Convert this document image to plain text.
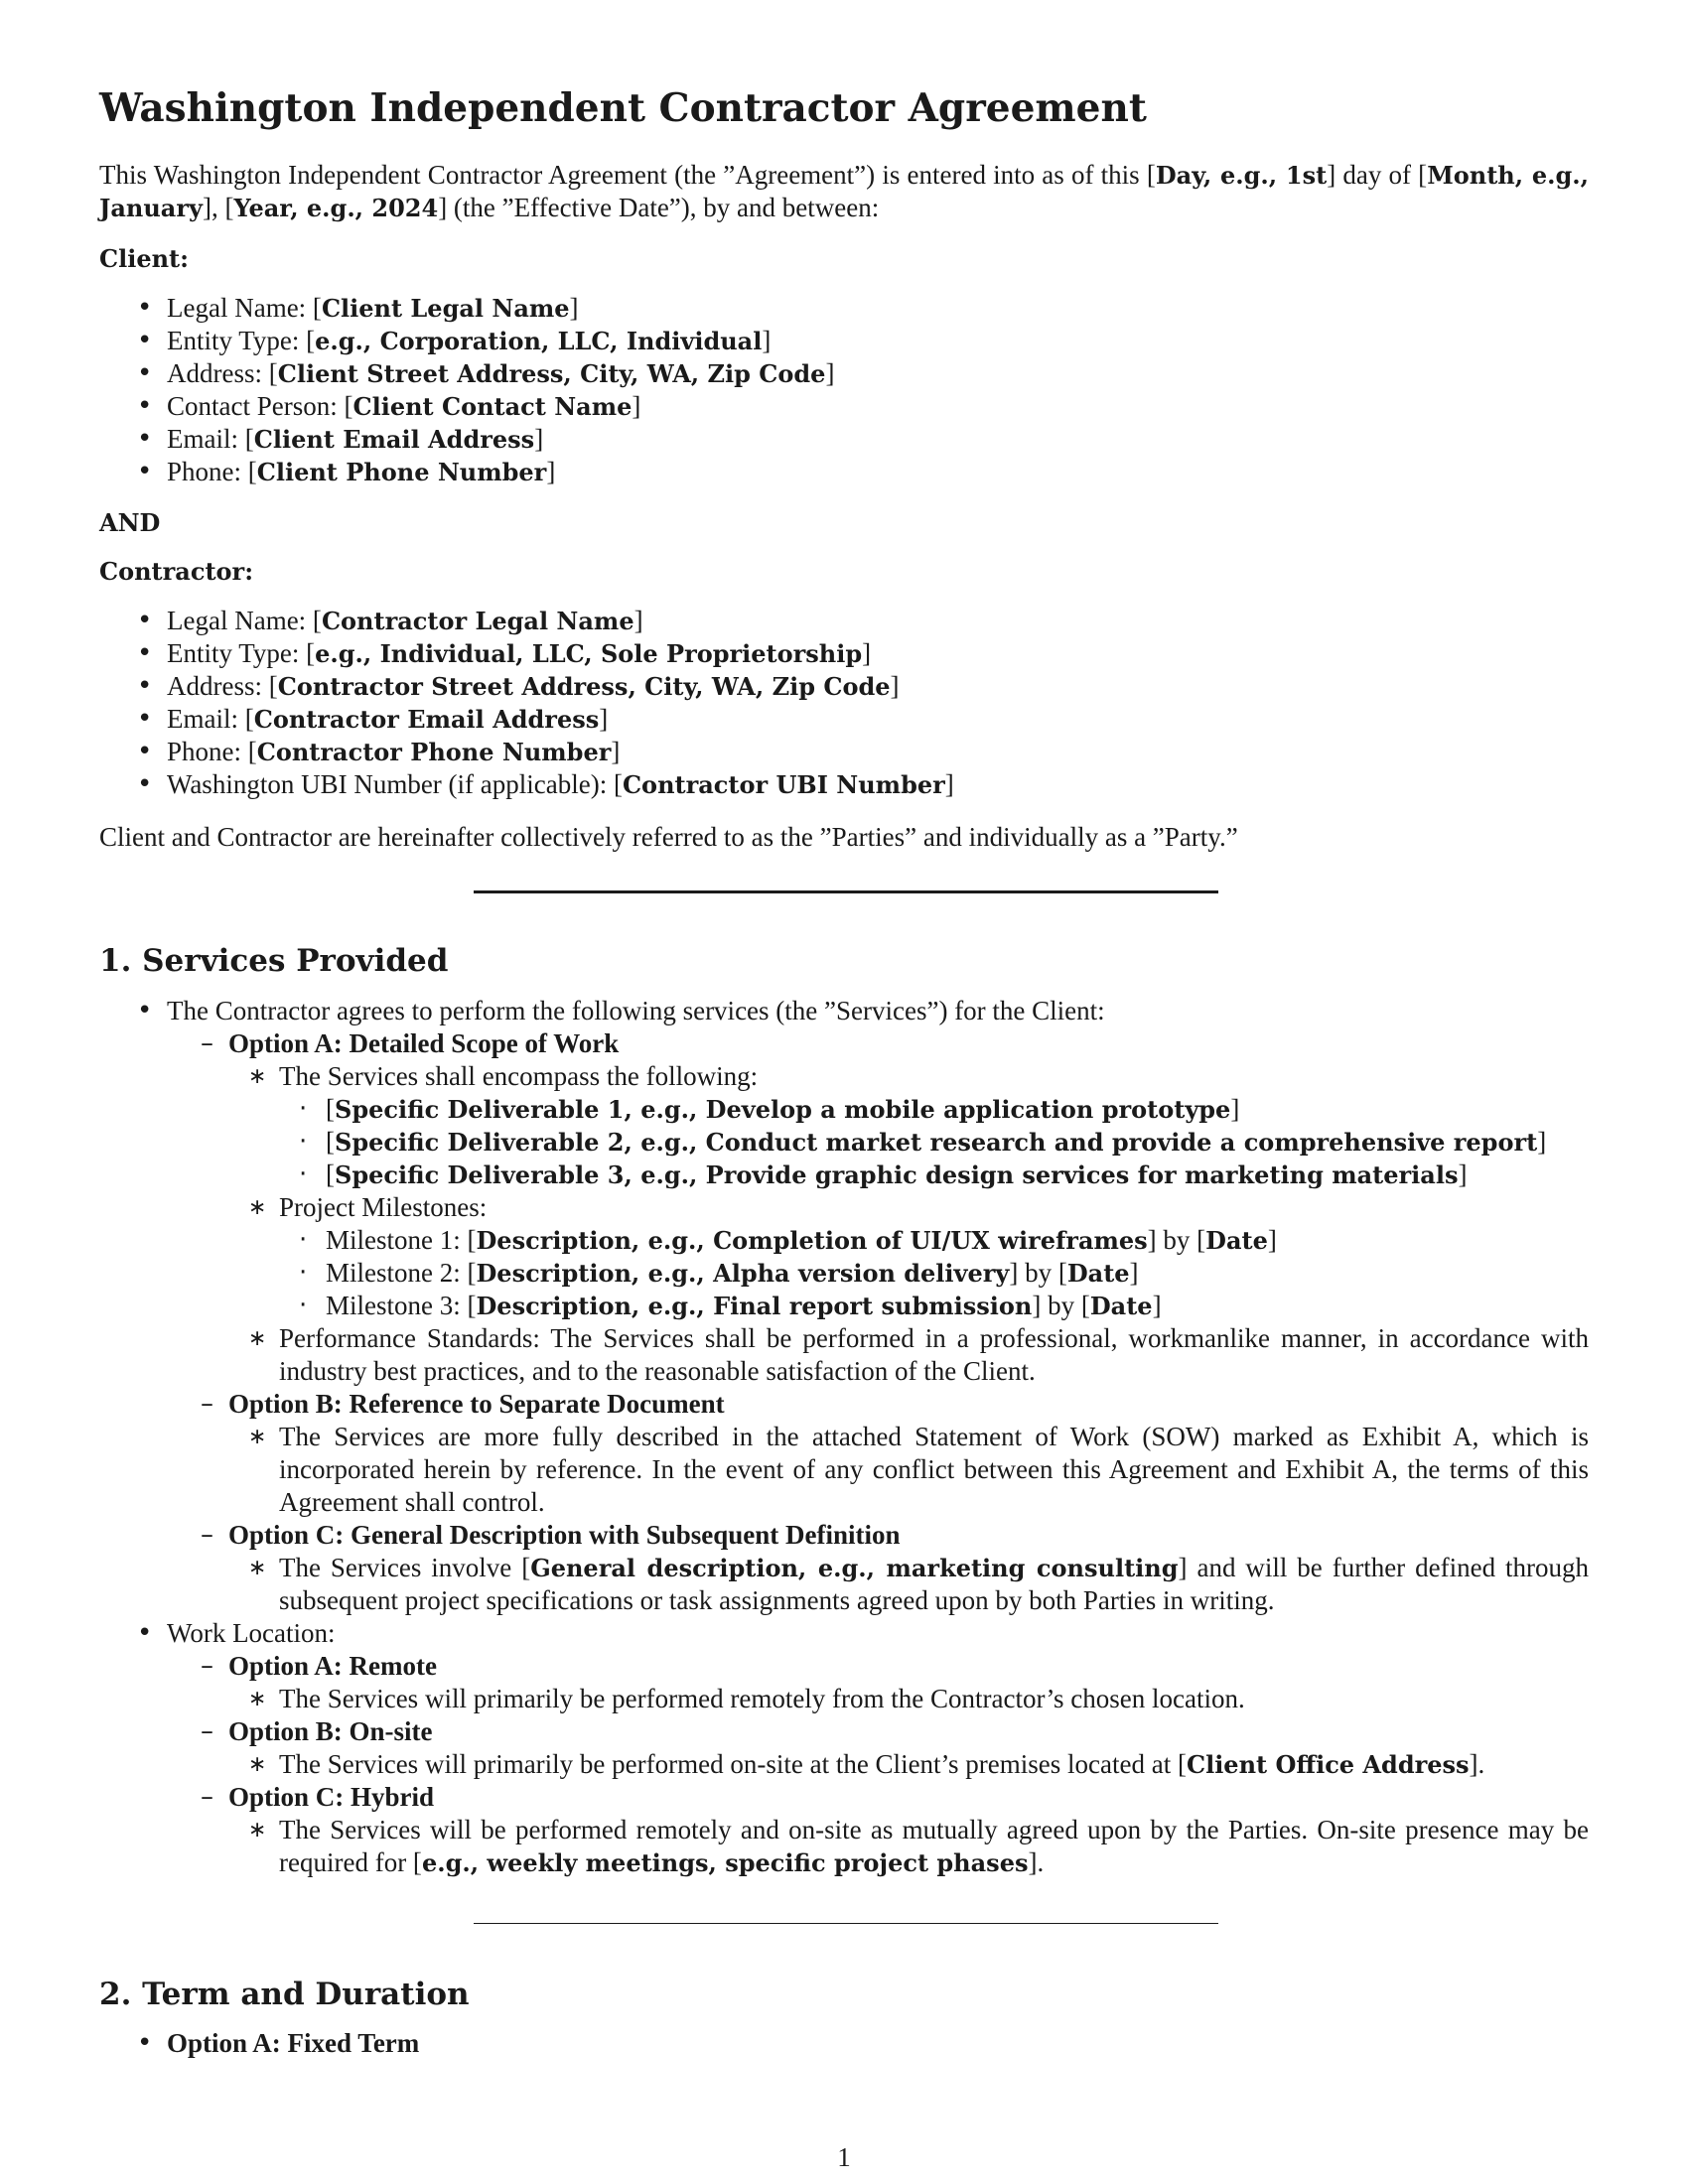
Washington Independent Contractor Agreement

This Washington Independent Contractor Agreement (the ”Agreement”) is entered into as of this [Day, e.g., 1st] day of [Month, e.g., January], [Year, e.g., 2024] (the ”Effective Date”), by and between:

Client:

• Legal Name: [Client Legal Name]
• Entity Type: [e.g., Corporation, LLC, Individual]
• Address: [Client Street Address, City, WA, Zip Code]
• Contact Person: [Client Contact Name]
• Email: [Client Email Address]
• Phone: [Client Phone Number]

AND

Contractor:

• Legal Name: [Contractor Legal Name]
• Entity Type: [e.g., Individual, LLC, Sole Proprietorship]
• Address: [Contractor Street Address, City, WA, Zip Code]
• Email: [Contractor Email Address]
• Phone: [Contractor Phone Number]
• Washington UBI Number (if applicable): [Contractor UBI Number]

Client and Contractor are hereinafter collectively referred to as the ”Parties” and individually as a ”Party.”

1. Services Provided
• The Contractor agrees to perform the following services (the ”Services”) for the Client:
– Option A: Detailed Scope of Work
∗ The Services shall encompass the following:
· [Specific Deliverable 1, e.g., Develop a mobile application prototype]
· [Specific Deliverable 2, e.g., Conduct market research and provide a comprehensive report]
· [Specific Deliverable 3, e.g., Provide graphic design services for marketing materials]
∗ Project Milestones:
· Milestone 1: [Description, e.g., Completion of UI/UX wireframes] by [Date]
· Milestone 2: [Description, e.g., Alpha version delivery] by [Date]
· Milestone 3: [Description, e.g., Final report submission] by [Date]
∗ Performance Standards: The Services shall be performed in a professional, workmanlike manner, in accordance with industry best practices, and to the reasonable satisfaction of the Client.
– Option B: Reference to Separate Document
∗ The Services are more fully described in the attached Statement of Work (SOW) marked as Exhibit A, which is incorporated herein by reference. In the event of any conflict between this Agreement and Exhibit A, the terms of this Agreement shall control.
– Option C: General Description with Subsequent Definition
∗ The Services involve [General description, e.g., marketing consulting] and will be further defined through subsequent project specifications or task assignments agreed upon by both Parties in writing.
• Work Location:
– Option A: Remote
∗ The Services will primarily be performed remotely from the Contractor’s chosen location.
– Option B: On-site
∗ The Services will primarily be performed on-site at the Client’s premises located at [Client Office Address].
– Option C: Hybrid
∗ The Services will be performed remotely and on-site as mutually agreed upon by the Parties. On-site presence may be required for [e.g., weekly meetings, specific project phases].
2. Term and Duration
• Option A: Fixed Term
1
